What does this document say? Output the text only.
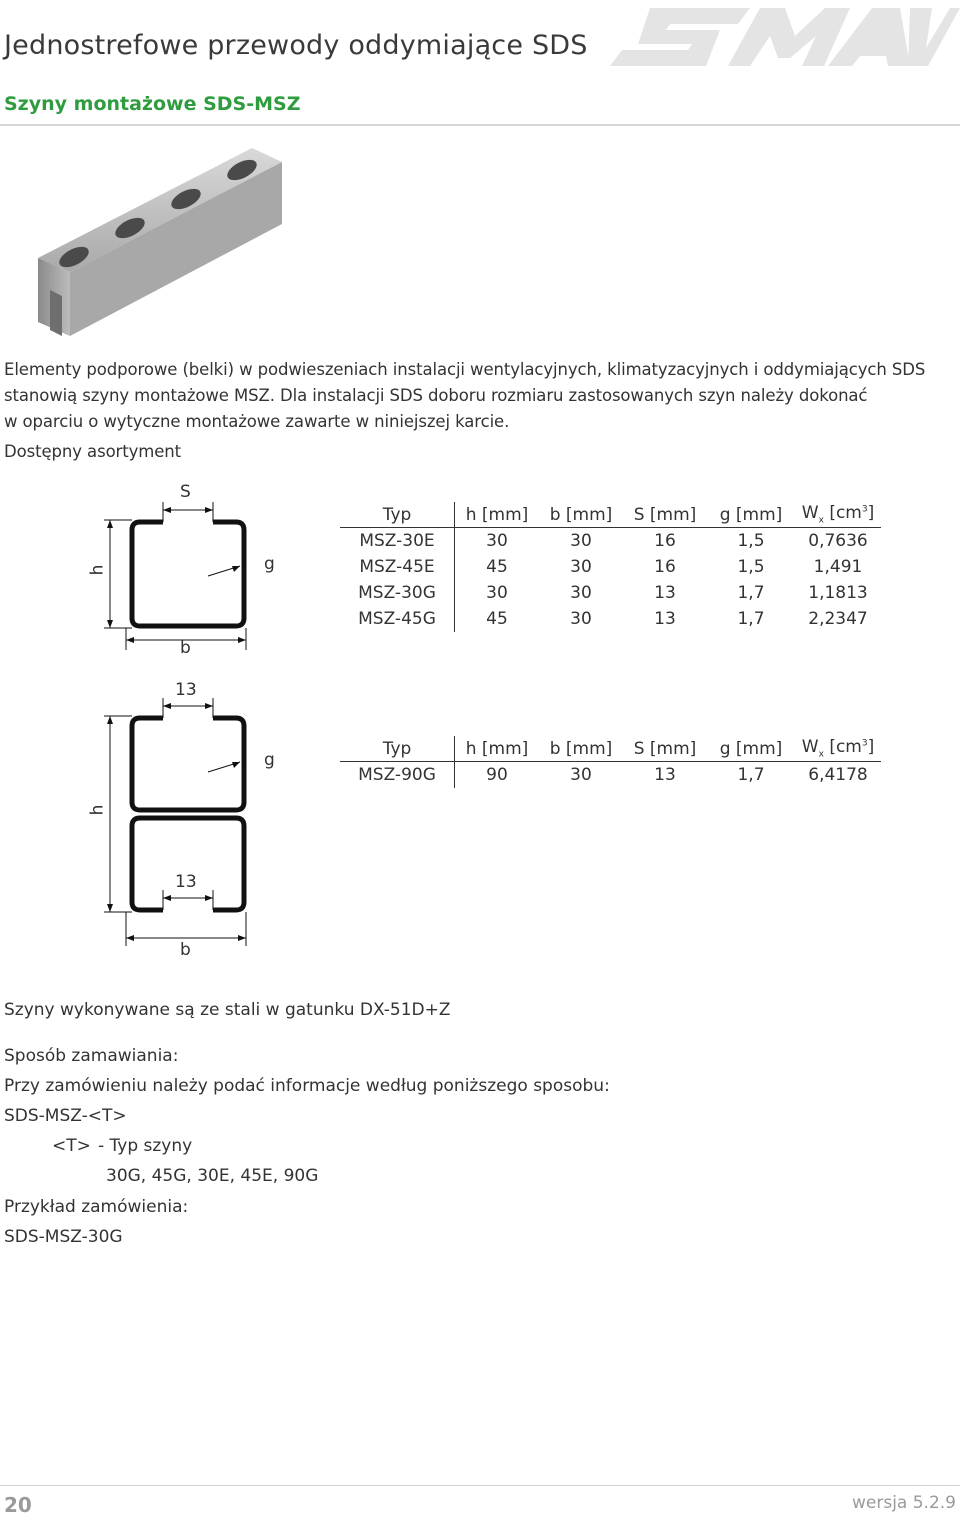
Jednostrefowe przewody oddymiające SDS
Szyny montażowe SDS-MSZ
Elementy podporowe (belki) w podwieszeniach instalacji wentylacyjnych, klimatyzacyjnych i oddymiających SDS
stanowią szyny montażowe MSZ. Dla instalacji SDS doboru rozmiaru zastosowanych szyn należy dokonać
w oparciu o wytyczne montażowe zawarte w niniejszej karcie.
Dostępny asortyment
S
h	g
b
Typ	h [mm]	b [mm]	S [mm]	g [mm]	$W_x$ $[cm^3]$
MSZ-30E	30	30	16	1,5	0,7636
MSZ-45E	45	30	16	1,5	1,491
MSZ-30G	30	30	13	1,7	1,1813
MSZ-45G	45	30	13	1,7	2,2347
13
13
h
g
b
Typ	h [mm]	b [mm]	S [mm]	g [mm]	$W_x$ $[cm^3]$
MSZ-90G	90	30	13	1,7	6,4178
Szyny wykonywane są ze stali w gatunku DX-51D+Z
Sposób zamawiania:
Przy zamówieniu należy podać informacje według poniższego sposobu:
SDS-MSZ-<T>
<T> - Typ szyny
30G, 45G, 30E, 45E, 90G
Przykład zamówienia:
SDS-MSZ-30G
20	wersja 5.2.9
